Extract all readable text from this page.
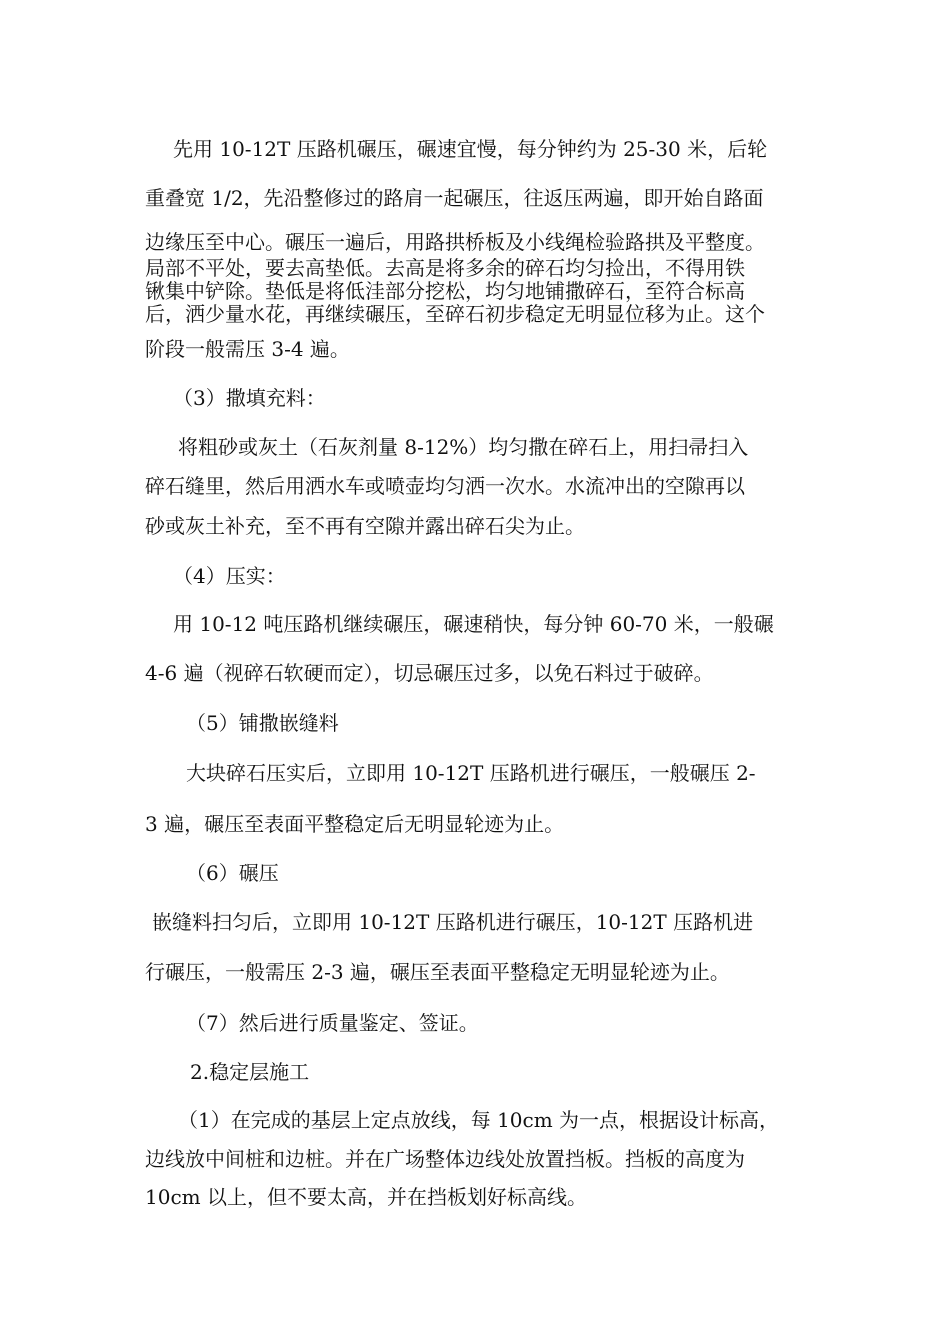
先用 10-12T 压路机碾压，碾速宜慢，每分钟约为 25-30 米，后轮
重叠宽 1/2，先沿整修过的路肩一起碾压，往返压两遍，即开始自路面
边缘压至中心。碾压一遍后，用路拱桥板及小线绳检验路拱及平整度。
局部不平处，要去高垫低。去高是将多余的碎石均匀捡出，不得用铁
锹集中铲除。垫低是将低洼部分挖松，均匀地铺撒碎石，至符合标高
后，洒少量水花，再继续碾压，至碎石初步稳定无明显位移为止。这个
阶段一般需压 3-4 遍。
（3）撒填充料：
将粗砂或灰土（石灰剂量 8-12%）均匀撒在碎石上，用扫帚扫入
碎石缝里，然后用洒水车或喷壶均匀洒一次水。水流冲出的空隙再以
砂或灰土补充，至不再有空隙并露出碎石尖为止。
（4）压实：
用 10-12 吨压路机继续碾压，碾速稍快，每分钟 60-70 米，一般碾
4-6 遍（视碎石软硬而定），切忌碾压过多，以免石料过于破碎。
（5）铺撒嵌缝料
大块碎石压实后，立即用 10-12T 压路机进行碾压，一般碾压 2-
3 遍，碾压至表面平整稳定后无明显轮迹为止。
（6）碾压
嵌缝料扫匀后，立即用 10-12T 压路机进行碾压，10-12T 压路机进
行碾压，一般需压 2-3 遍，碾压至表面平整稳定无明显轮迹为止。
（7）然后进行质量鉴定、签证。
2.稳定层施工
（1）在完成的基层上定点放线，每 10cm 为一点，根据设计标高，
边线放中间桩和边桩。并在广场整体边线处放置挡板。挡板的高度为
10cm 以上，但不要太高，并在挡板划好标高线。
